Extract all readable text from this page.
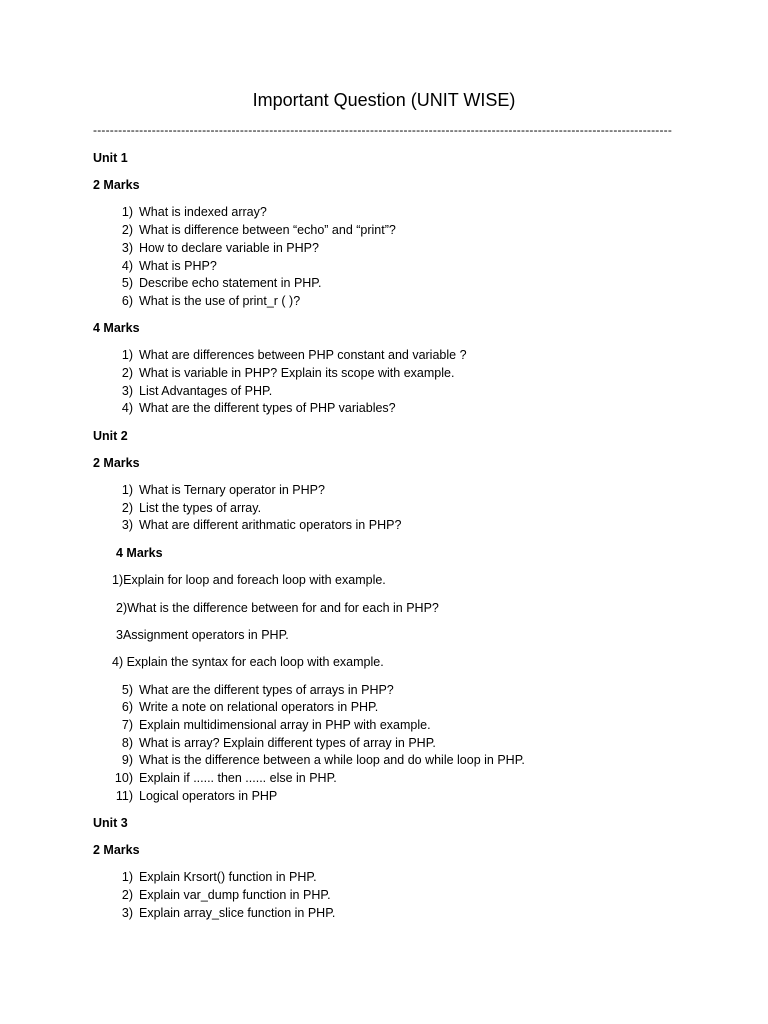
Important Question (UNIT WISE)
------------------------------------------------------------------------------------------------------------------------------------------
Unit 1
2 Marks
1) What is indexed array?
2) What is difference between “echo” and “print”?
3) How to declare variable in PHP?
4) What is PHP?
5) Describe echo statement in PHP.
6) What is the use of print_r ( )?
4 Marks
1) What are differences between PHP constant and variable ?
2) What is variable in PHP? Explain its scope with example.
3) List Advantages of PHP.
4) What are the different types of PHP variables?
Unit 2
2 Marks
1) What is Ternary operator in PHP?
2) List the types of array.
3) What are different arithmatic operators in PHP?
4 Marks
1)Explain for loop and foreach loop with example.
2)What is the difference between for and for each in PHP?
3Assignment operators in PHP.
4) Explain the syntax for each loop with example.
5) What are the different types of arrays in PHP?
6) Write a note on relational operators in PHP.
7) Explain multidimensional array in PHP with example.
8) What is array? Explain different types of array in PHP.
9) What is the difference between a while loop and do while loop in PHP.
10) Explain if ...... then ...... else in PHP.
11) Logical operators in PHP
Unit 3
2 Marks
1) Explain Krsort() function in PHP.
2) Explain var_dump function in PHP.
3) Explain array_slice function in PHP.
